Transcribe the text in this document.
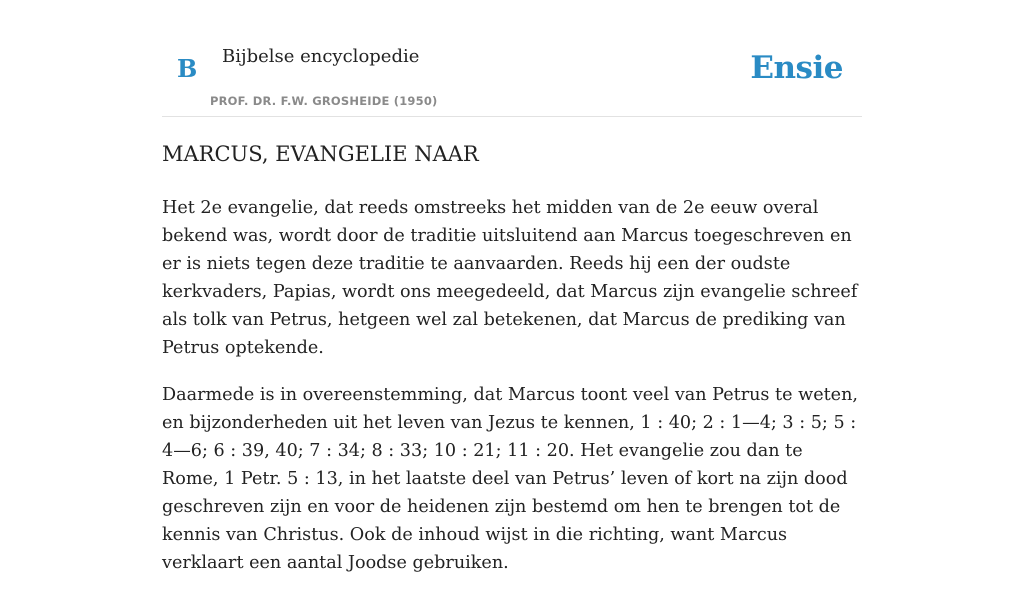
B Bijbelse encyclopedie
PROF. DR. F.W. GROSHEIDE (1950)
Ensie
MARCUS, EVANGELIE NAAR

Het 2e evangelie, dat reeds omstreeks het midden van de 2e eeuw overal bekend was, wordt door de traditie uitsluitend aan Marcus toegeschreven en er is niets tegen deze traditie te aanvaarden. Reeds hij een der oudste kerkvaders, Papias, wordt ons meegedeeld, dat Marcus zijn evangelie schreef als tolk van Petrus, hetgeen wel zal betekenen, dat Marcus de prediking van Petrus optekende.

Daarmede is in overeenstemming, dat Marcus toont veel van Petrus te weten, en bijzonderheden uit het leven van Jezus te kennen, 1 : 40; 2 : 1—4; 3 : 5; 5 : 4—6; 6 : 39, 40; 7 : 34; 8 : 33; 10 : 21; 11 : 20. Het evangelie zou dan te Rome, 1 Petr. 5 : 13, in het laatste deel van Petrus’ leven of kort na zijn dood geschreven zijn en voor de heidenen zijn bestemd om hen te brengen tot de kennis van Christus. Ook de inhoud wijst in die richting, want Marcus verklaart een aantal Joodse gebruiken.
